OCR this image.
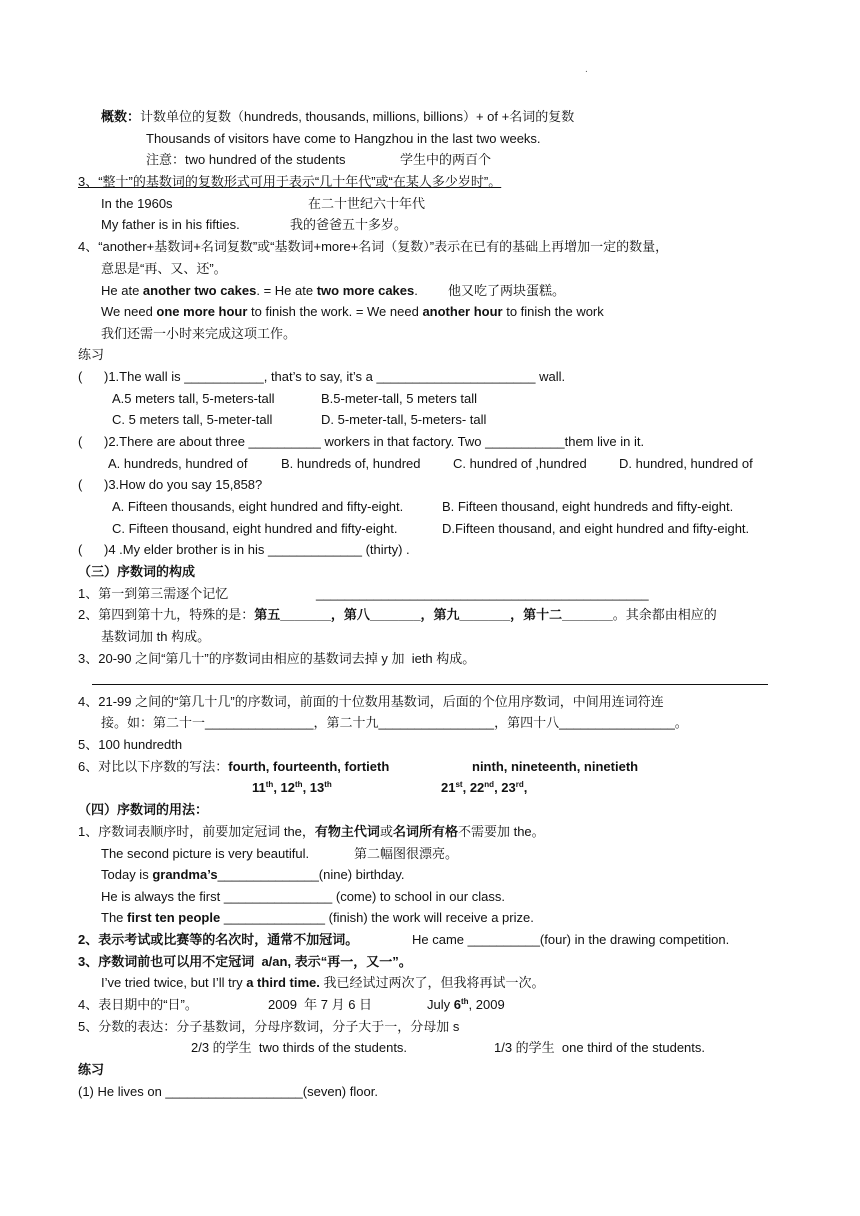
.
概数：计数单位的复数（hundreds, thousands, millions, billions）+ of +名词的复数
Thousands of visitors have come to Hangzhou in the last two weeks.
注意：two hundred of the students	学生中的两百个
3、“整十”的基数词的复数形式可用于表示“几十年代”或“在某人多少岁时”。
In the 1960s	在二十世纪六十年代
My father is in his fifties.	我的爸爸五十多岁。
4、“another+基数词+名词复数”或“基数词+more+名词（复数）”表示在已有的基础上再增加一定的数量，
意思是“再、又、还”。
He ate another two cakes. = He ate two more cakes. 他又吃了两块蛋糕。
We need one more hour to finish the work. = We need another hour to finish the work
我们还需一小时来完成这项工作。
练习
(      )1.The wall is ___________, that’s to say, it’s a ______________________ wall.
A.5 meters tall, 5-meters-tall	B.5-meter-tall, 5 meters tall
C. 5 meters tall, 5-meter-tall	D. 5-meter-tall, 5-meters- tall
(      )2.There are about three __________ workers in that factory. Two ___________them live in it.
A. hundreds, hundred of	B. hundreds of, hundred	C. hundred of ,hundred D. hundred, hundred of
(      )3.How do you say 15,858?
A. Fifteen thousands, eight hundred and fifty-eight.	B. Fifteen thousand, eight hundreds and fifty-eight.
C. Fifteen thousand, eight hundred and fifty-eight.	D.Fifteen thousand, and eight hundred and fifty-eight.
(      )4 .My elder brother is in his _____________ (thirty) .
（三）序数词的构成
1、第一到第三需逐个记忆	______________________________________________
2、第四到第十九，特殊的是：第五_______，第八_______，第九_______，第十二_______。其余都由相应的
基数词加 th 构成。
3、20-90 之间“第几十”的序数词由相应的基数词去掉 y 加  ieth 构成。
4、21-99 之间的“第几十几”的序数词，前面的十位数用基数词，后面的个位用序数词，中间用连词符连
接。如：第二十一_______________，第二十九________________，第四十八________________。
5、100 hundredth
6、对比以下序数的写法：fourth, fourteenth, fortieth	ninth, nineteenth, ninetieth
11th, 12th, 13th	21st, 22nd, 23rd,
（四）序数词的用法：
1、序数词表顺序时，前要加定冠词 the，有物主代词或名词所有格不需要加 the。
The second picture is very beautiful.	第二幅图很漂亮。
Today is grandma’s______________(nine) birthday.
He is always the first _______________ (come) to school in our class.
The first ten people ______________ (finish) the work will receive a prize.
2、表示考试或比赛等的名次时，通常不加冠词。	He came __________(four) in the drawing competition.
3、序数词前也可以用不定冠词  a/an, 表示“再一，又一”。
I’ve tried twice, but I’ll try a third time. 我已经试过两次了，但我将再试一次。
4、表日期中的“日”。	2009  年 7 月 6 日	July 6th, 2009
5、分数的表达：分子基数词，分母序数词，分子大于一，分母加 s
2/3 的学生  two thirds of the students.	1/3 的学生  one third of the students.
练习
(1) He lives on ___________________(seven) floor.
